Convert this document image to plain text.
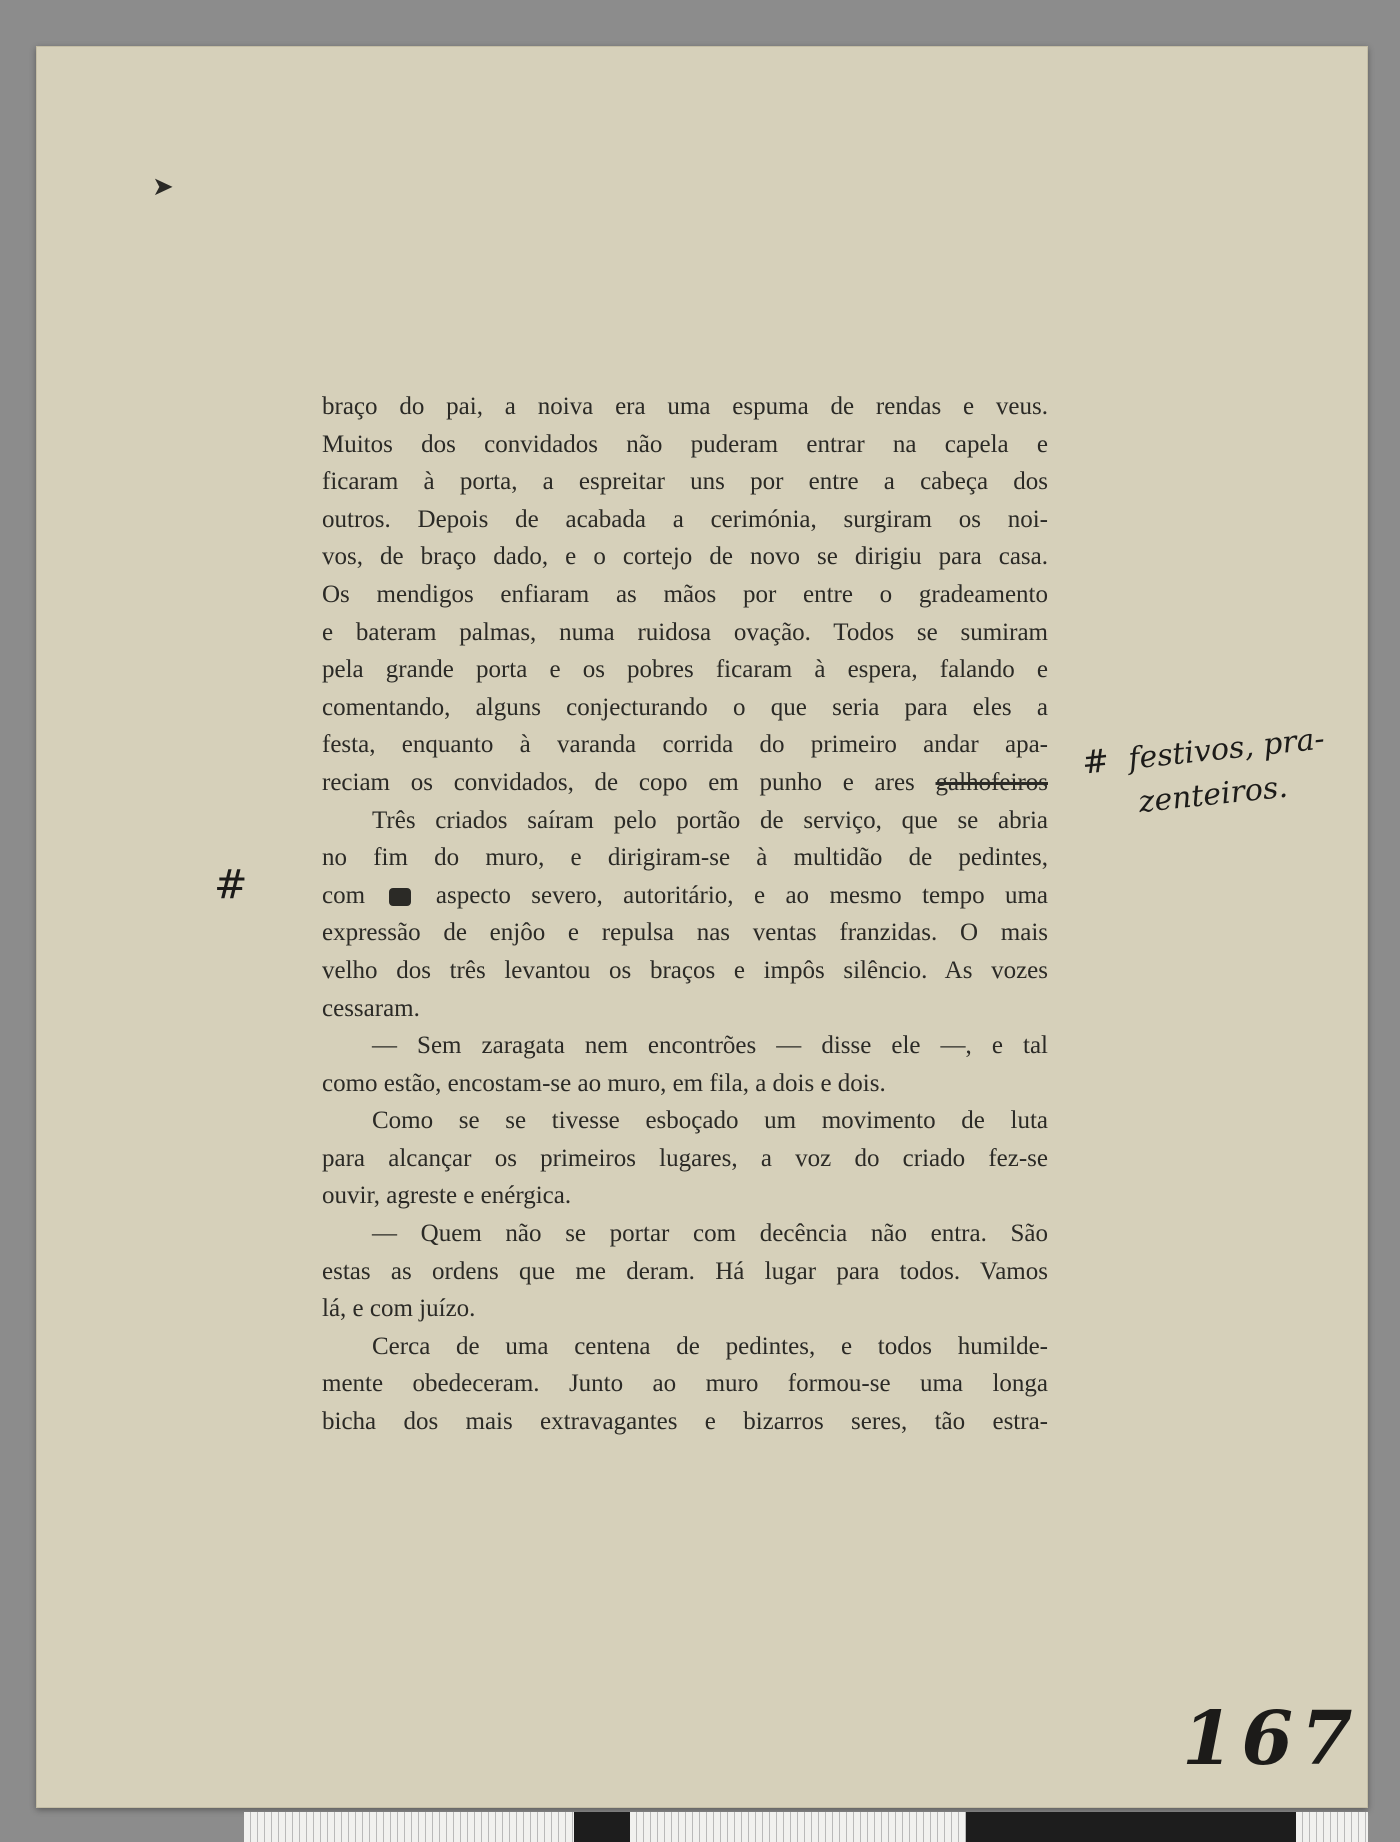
➤
braço do pai, a noiva era uma espuma de rendas e veus.
Muitos dos convidados não puderam entrar na capela e
ficaram à porta, a espreitar uns por entre a cabeça dos
outros. Depois de acabada a cerimónia, surgiram os noi-
vos, de braço dado, e o cortejo de novo se dirigiu para casa.
Os mendigos enfiaram as mãos por entre o gradeamento
e bateram palmas, numa ruidosa ovação. Todos se sumiram
pela grande porta e os pobres ficaram à espera, falando e
comentando, alguns conjecturando o que seria para eles a
festa, enquanto à varanda corrida do primeiro andar apa-
reciam os convidados, de copo em punho e ares galhofeiros
Três criados saíram pelo portão de serviço, que se abria
no fim do muro, e dirigiram-se à multidão de pedintes,
com	aspecto severo, autoritário, e ao mesmo tempo uma
expressão de enjôo e repulsa nas ventas franzidas. O mais
velho dos três levantou os braços e impôs silêncio. As vozes
cessaram.
— Sem zaragata nem encontrões — disse ele —, e tal
como estão, encostam-se ao muro, em fila, a dois e dois.
Como se se tivesse esboçado um movimento de luta
para alcançar os primeiros lugares, a voz do criado fez-se
ouvir, agreste e enérgica.
— Quem não se portar com decência não entra. São
estas as ordens que me deram. Há lugar para todos. Vamos
lá, e com juízo.
Cerca de uma centena de pedintes, e todos humilde-
mente obedeceram. Junto ao muro formou-se uma longa
bicha dos mais extravagantes e bizarros seres, tão estra-
# festivos, pra-
zenteiros.
#
167
